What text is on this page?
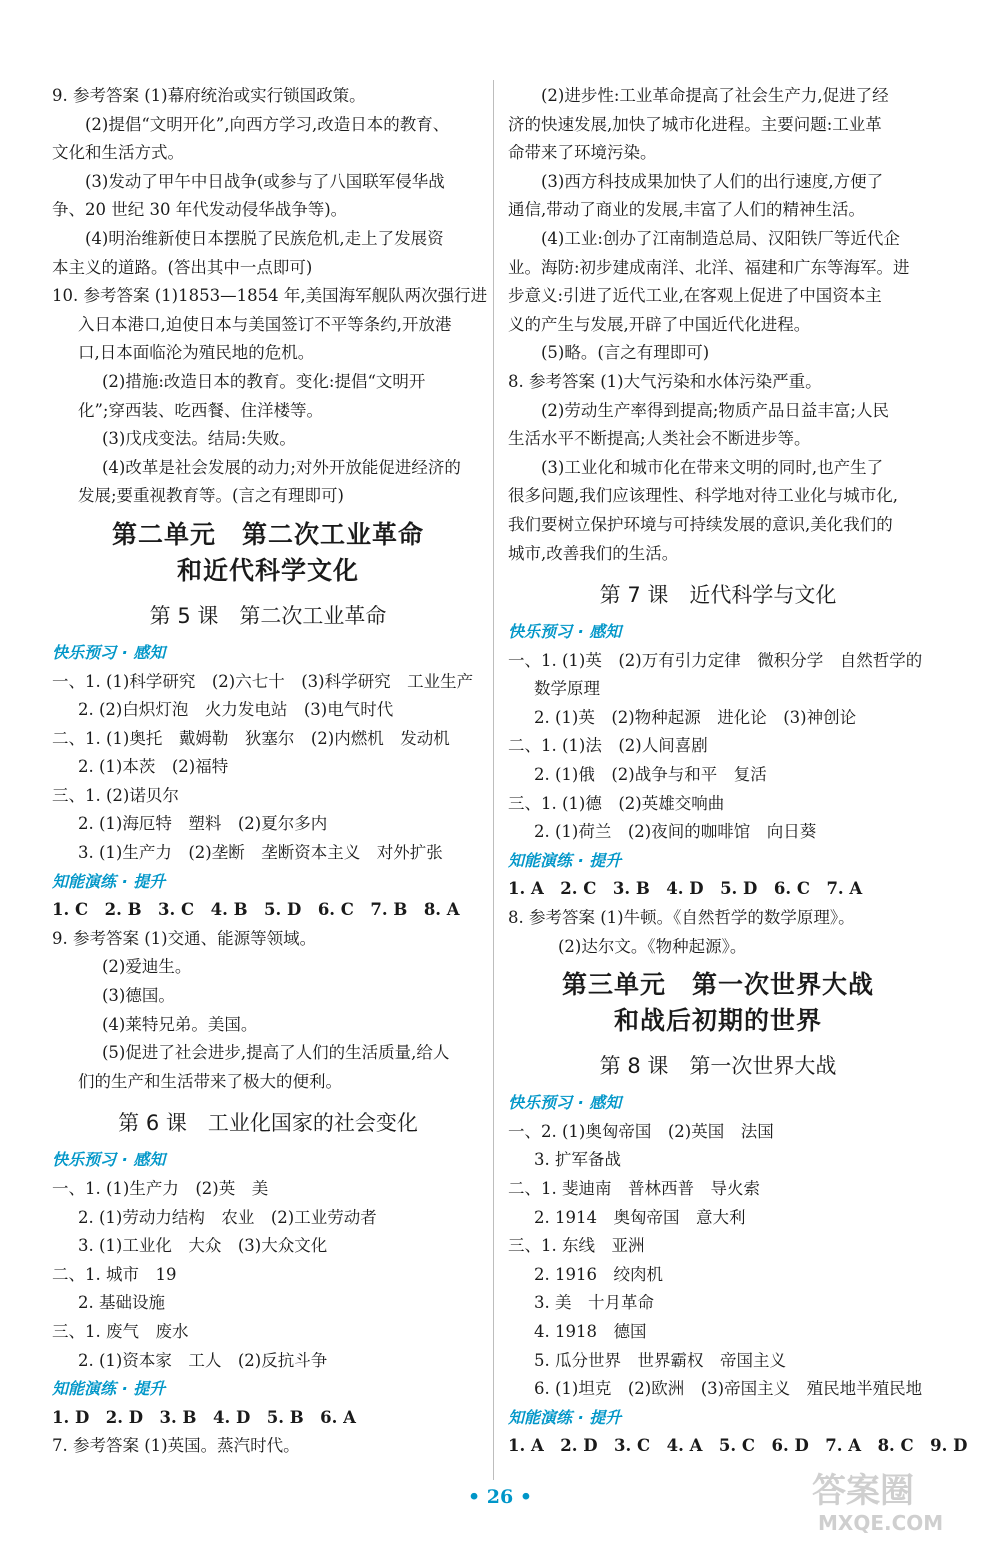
9. 参考答案 (1)幕府统治或实行锁国政策。
(2)提倡“文明开化”,向西方学习,改造日本的教育、
文化和生活方式。
(3)发动了甲午中日战争(或参与了八国联军侵华战
争、20 世纪 30 年代发动侵华战争等)。
(4)明治维新使日本摆脱了民族危机,走上了发展资
本主义的道路。(答出其中一点即可)
10. 参考答案 (1)1853—1854 年,美国海军舰队两次强行进
入日本港口,迫使日本与美国签订不平等条约,开放港
口,日本面临沦为殖民地的危机。
(2)措施:改造日本的教育。变化:提倡“文明开
化”;穿西装、吃西餐、住洋楼等。
(3)戊戌变法。结局:失败。
(4)改革是社会发展的动力;对外开放能促进经济的
发展;要重视教育等。(言之有理即可)
第二单元　第二次工业革命
和近代科学文化
第 5 课　第二次工业革命
快乐预习 · 感知
一、1. (1)科学研究　(2)六七十　(3)科学研究　工业生产
2. (2)白炽灯泡　火力发电站　(3)电气时代
二、1. (1)奥托　戴姆勒　狄塞尔　(2)内燃机　发动机
2. (1)本茨　(2)福特
三、1. (2)诺贝尔
2. (1)海厄特　塑料　(2)夏尔多内
3. (1)生产力　(2)垄断　垄断资本主义　对外扩张
知能演练 · 提升
1. C　2. B　3. C　4. B　5. D　6. C　7. B　8. A
9. 参考答案 (1)交通、能源等领域。
(2)爱迪生。
(3)德国。
(4)莱特兄弟。美国。
(5)促进了社会进步,提高了人们的生活质量,给人
们的生产和生活带来了极大的便利。
第 6 课　工业化国家的社会变化
快乐预习 · 感知
一、1. (1)生产力　(2)英　美
2. (1)劳动力结构　农业　(2)工业劳动者
3. (1)工业化　大众　(3)大众文化
二、1. 城市　19
2. 基础设施
三、1. 废气　废水
2. (1)资本家　工人　(2)反抗斗争
知能演练 · 提升
1. D　2. D　3. B　4. D　5. B　6. A
7. 参考答案 (1)英国。蒸汽时代。
(2)进步性:工业革命提高了社会生产力,促进了经
济的快速发展,加快了城市化进程。主要问题:工业革
命带来了环境污染。
(3)西方科技成果加快了人们的出行速度,方便了
通信,带动了商业的发展,丰富了人们的精神生活。
(4)工业:创办了江南制造总局、汉阳铁厂等近代企
业。海防:初步建成南洋、北洋、福建和广东等海军。进
步意义:引进了近代工业,在客观上促进了中国资本主
义的产生与发展,开辟了中国近代化进程。
(5)略。(言之有理即可)
8. 参考答案 (1)大气污染和水体污染严重。
(2)劳动生产率得到提高;物质产品日益丰富;人民
生活水平不断提高;人类社会不断进步等。
(3)工业化和城市化在带来文明的同时,也产生了
很多问题,我们应该理性、科学地对待工业化与城市化,
我们要树立保护环境与可持续发展的意识,美化我们的
城市,改善我们的生活。
第 7 课　近代科学与文化
快乐预习 · 感知
一、1. (1)英　(2)万有引力定律　微积分学　自然哲学的
数学原理
2. (1)英　(2)物种起源　进化论　(3)神创论
二、1. (1)法　(2)人间喜剧
2. (1)俄　(2)战争与和平　复活
三、1. (1)德　(2)英雄交响曲
2. (1)荷兰　(2)夜间的咖啡馆　向日葵
知能演练 · 提升
1. A　2. C　3. B　4. D　5. D　6. C　7. A
8. 参考答案 (1)牛顿。《自然哲学的数学原理》。
(2)达尔文。《物种起源》。
第三单元　第一次世界大战
和战后初期的世界
第 8 课　第一次世界大战
快乐预习 · 感知
一、2. (1)奥匈帝国　(2)英国　法国
3. 扩军备战
二、1. 斐迪南　普林西普　导火索
2. 1914　奥匈帝国　意大利
三、1. 东线　亚洲
2. 1916　绞肉机
3. 美　十月革命
4. 1918　德国
5. 瓜分世界　世界霸权　帝国主义
6. (1)坦克　(2)欧洲　(3)帝国主义　殖民地半殖民地
知能演练 · 提升
1. A　2. D　3. C　4. A　5. C　6. D　7. A　8. C　9. D
• 26 •	答案圈
MXQE.COM
